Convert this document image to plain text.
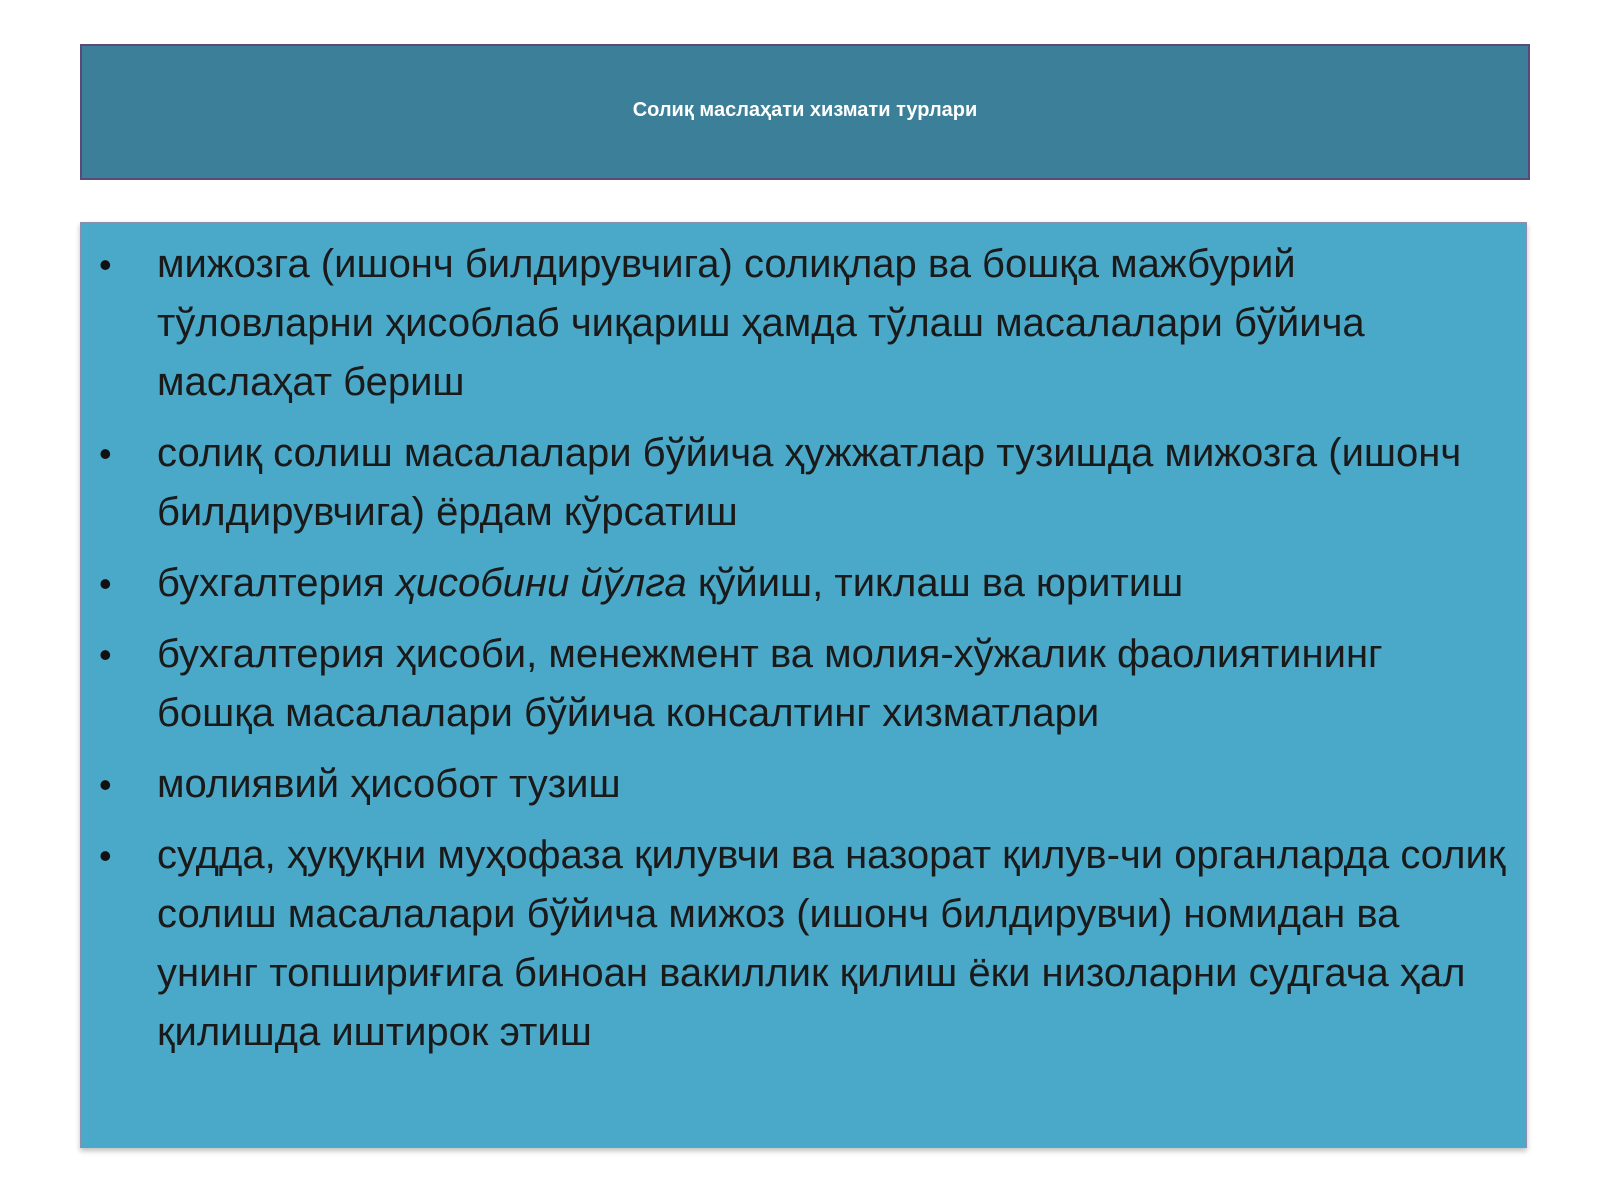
Солиқ маслаҳати хизмати турлари
• мижозга (ишонч билдирувчига) солиқлар ва бошқа мажбурий тўловларни ҳисоблаб чиқариш ҳамда тўлаш масалалари бўйича маслаҳат бериш
• солиқ солиш масалалари бўйича ҳужжатлар тузишда мижозга (ишонч билдирувчига) ёрдам кўрсатиш
• бухгалтерия ҳисобини йўлга қўйиш, тиклаш ва юритиш
• бухгалтерия ҳисоби, менежмент ва молия-хўжалик фаолиятининг бошқа масалалари бўйича консалтинг хизматлари
• молиявий ҳисобот тузиш
• судда, ҳуқуқни муҳофаза қилувчи ва назорат қилув-чи органларда солиқ солиш масалалари бўйича мижоз (ишонч билдирувчи) номидан ва унинг топшириғига биноан вакиллик қилиш ёки низоларни судгача ҳал қилишда иштирок этиш
